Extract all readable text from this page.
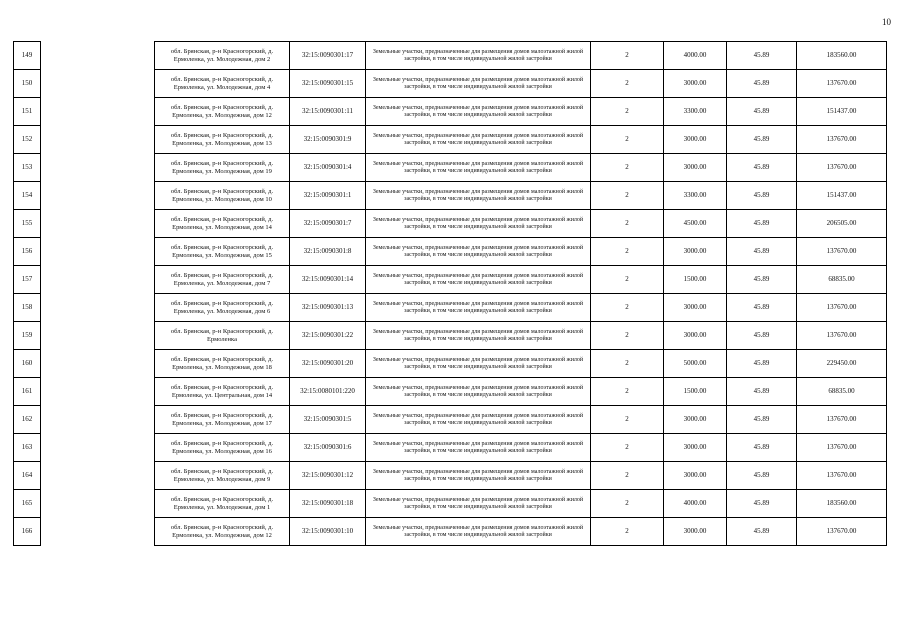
10
149		обл. Брянская, р-н Красногорский, д. Ермоленка, ул. Молодежная, дом 2	32:15:0090301:17	Земельные участки, предназначенные для размещения домов малоэтажной жилой застройки, в том числе индивидуальной жилой застройки	2	4000.00	45.89	183560.00
150		обл. Брянская, р-н Красногорский, д. Ермоленка, ул. Молодежная, дом 4	32:15:0090301:15	Земельные участки, предназначенные для размещения домов малоэтажной жилой застройки, в том числе индивидуальной жилой застройки	2	3000.00	45.89	137670.00
151		обл. Брянская, р-н Красногорский, д. Ермоленка, ул. Молодежная, дом 12	32:15:0090301:11	Земельные участки, предназначенные для размещения домов малоэтажной жилой застройки, в том числе индивидуальной жилой застройки	2	3300.00	45.89	151437.00
152		обл. Брянская, р-н Красногорский, д. Ермоленка, ул. Молодежная, дом 13	32:15:0090301:9	Земельные участки, предназначенные для размещения домов малоэтажной жилой застройки, в том числе индивидуальной жилой застройки	2	3000.00	45.89	137670.00
153		обл. Брянская, р-н Красногорский, д. Ермоленка, ул. Молодежная, дом 19	32:15:0090301:4	Земельные участки, предназначенные для размещения домов малоэтажной жилой застройки, в том числе индивидуальной жилой застройки	2	3000.00	45.89	137670.00
154		обл. Брянская, р-н Красногорский, д. Ермоленка, ул. Молодежная, дом 10	32:15:0090301:1	Земельные участки, предназначенные для размещения домов малоэтажной жилой застройки, в том числе индивидуальной жилой застройки	2	3300.00	45.89	151437.00
155		обл. Брянская, р-н Красногорский, д. Ермоленка, ул. Молодежная, дом 14	32:15:0090301:7	Земельные участки, предназначенные для размещения домов малоэтажной жилой застройки, в том числе индивидуальной жилой застройки	2	4500.00	45.89	206505.00
156		обл. Брянская, р-н Красногорский, д. Ермоленка, ул. Молодежная, дом 15	32:15:0090301:8	Земельные участки, предназначенные для размещения домов малоэтажной жилой застройки, в том числе индивидуальной жилой застройки	2	3000.00	45.89	137670.00
157		обл. Брянская, р-н Красногорский, д. Ермоленка, ул. Молодежная, дом 7	32:15:0090301:14	Земельные участки, предназначенные для размещения домов малоэтажной жилой застройки, в том числе индивидуальной жилой застройки	2	1500.00	45.89	68835.00
158		обл. Брянская, р-н Красногорский, д. Ермоленка, ул. Молодежная, дом 6	32:15:0090301:13	Земельные участки, предназначенные для размещения домов малоэтажной жилой застройки, в том числе индивидуальной жилой застройки	2	3000.00	45.89	137670.00
159		обл. Брянская, р-н Красногорский, д. Ермоленка	32:15:0090301:22	Земельные участки, предназначенные для размещения домов малоэтажной жилой застройки, в том числе индивидуальной жилой застройки	2	3000.00	45.89	137670.00
160		обл. Брянская, р-н Красногорский, д. Ермоленка, ул. Молодежная, дом 18	32:15:0090301:20	Земельные участки, предназначенные для размещения домов малоэтажной жилой застройки, в том числе индивидуальной жилой застройки	2	5000.00	45.89	229450.00
161		обл. Брянская, р-н Красногорский, д. Ермоленка, ул. Центральная, дом 14	32:15:0080101:220	Земельные участки, предназначенные для размещения домов малоэтажной жилой застройки, в том числе индивидуальной жилой застройки	2	1500.00	45.89	68835.00
162		обл. Брянская, р-н Красногорский, д. Ермоленка, ул. Молодежная, дом 17	32:15:0090301:5	Земельные участки, предназначенные для размещения домов малоэтажной жилой застройки, в том числе индивидуальной жилой застройки	2	3000.00	45.89	137670.00
163		обл. Брянская, р-н Красногорский, д. Ермоленка, ул. Молодежная, дом 16	32:15:0090301:6	Земельные участки, предназначенные для размещения домов малоэтажной жилой застройки, в том числе индивидуальной жилой застройки	2	3000.00	45.89	137670.00
164		обл. Брянская, р-н Красногорский, д. Ермоленка, ул. Молодежная, дом 9	32:15:0090301:12	Земельные участки, предназначенные для размещения домов малоэтажной жилой застройки, в том числе индивидуальной жилой застройки	2	3000.00	45.89	137670.00
165		обл. Брянская, р-н Красногорский, д. Ермоленка, ул. Молодежная, дом 1	32:15:0090301:18	Земельные участки, предназначенные для размещения домов малоэтажной жилой застройки, в том числе индивидуальной жилой застройки	2	4000.00	45.89	183560.00
166		обл. Брянская, р-н Красногорский, д. Ермоленка, ул. Молодежная, дом 12	32:15:0090301:10	Земельные участки, предназначенные для размещения домов малоэтажной жилой застройки, в том числе индивидуальной жилой застройки	2	3000.00	45.89	137670.00
